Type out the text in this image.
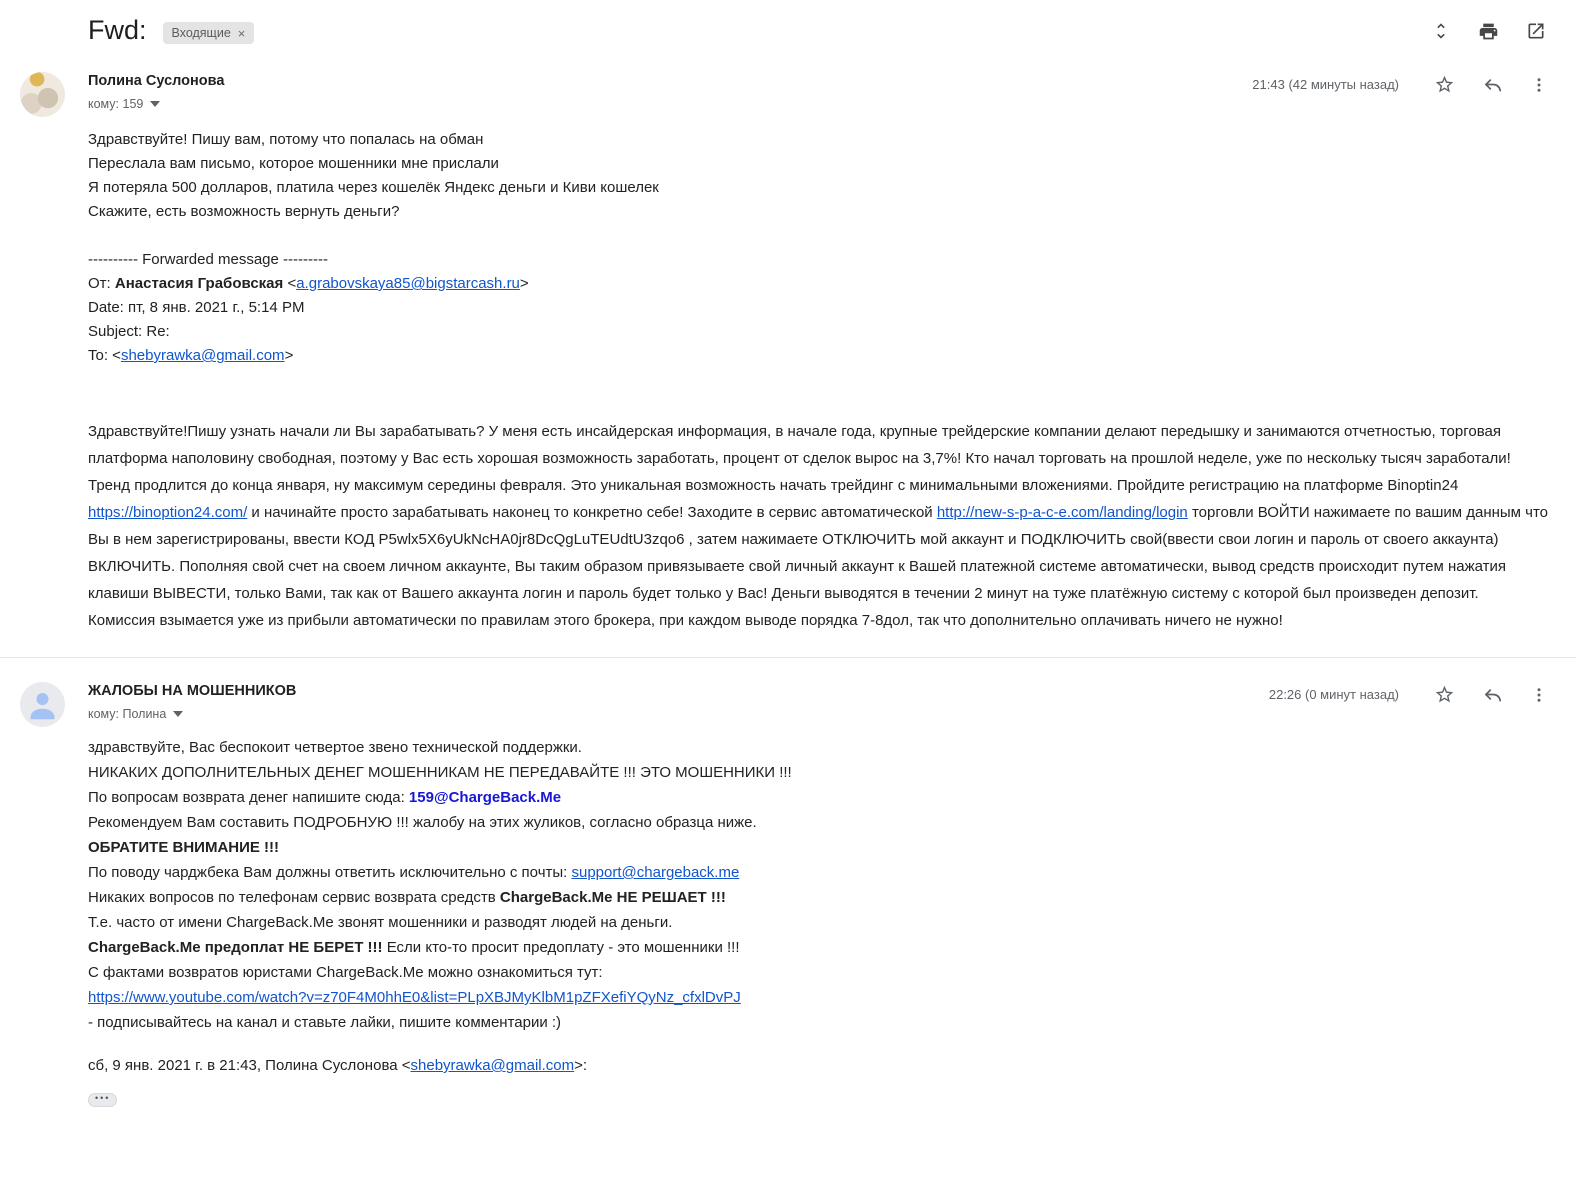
Fwd: Входящие ×
Полина Суслонова
кому: 159
21:43 (42 минуты назад)
Здравствуйте! Пишу вам, потому что попалась на обман
Переслала вам письмо, которое мошенники мне прислали
Я потеряла 500 долларов, платила через кошелёк Яндекс деньги и Киви кошелек
Скажите, есть возможность вернуть деньги?
---------- Forwarded message ---------
От: Анастасия Грабовская <a.grabovskaya85@bigstarcash.ru>
Date: пт, 8 янв. 2021 г., 5:14 PM
Subject: Re:
To: <shebyrawka@gmail.com>
Здравствуйте!Пишу узнать начали ли Вы зарабатывать? У меня есть инсайдерская информация, в начале года, крупные трейдерские компании делают передышку и занимаются отчетностью, торговая платформа наполовину свободная, поэтому у Вас есть хорошая возможность заработать, процент от сделок вырос на 3,7%! Кто начал торговать на прошлой неделе, уже по нескольку тысяч заработали! Тренд продлится до конца января, ну максимум середины февраля. Это уникальная возможность начать трейдинг с минимальными вложениями. Пройдите регистрацию на платформе Binoptin24 https://binoption24.com/ и начинайте просто зарабатывать наконец то конкретно себе! Заходите в сервис автоматической http://new-s-p-a-c-e.com/landing/login торговли ВОЙТИ нажимаете по вашим данным что Вы в нем зарегистрированы, ввести КОД P5wlx5X6yUkNcHA0jr8DcQgLuTEUdtU3zqo6 , затем нажимаете ОТКЛЮЧИТЬ мой аккаунт и ПОДКЛЮЧИТЬ свой(ввести свои логин и пароль от своего аккаунта) ВКЛЮЧИТЬ. Пополняя свой счет на своем личном аккаунте, Вы таким образом привязываете свой личный аккаунт к Вашей платежной системе автоматически, вывод средств происходит путем нажатия клавиши ВЫВЕСТИ, только Вами, так как от Вашего аккаунта логин и пароль будет только у Вас! Деньги выводятся в течении 2 минут на туже платёжную систему с которой был произведен депозит. Комиссия взымается уже из прибыли автоматически по правилам этого брокера, при каждом выводе порядка 7-8дол, так что дополнительно оплачивать ничего не нужно!
ЖАЛОБЫ НА МОШЕННИКОВ
кому: Полина
22:26 (0 минут назад)
здравствуйте, Вас беспокоит четвертое звено технической поддержки.
НИКАКИХ ДОПОЛНИТЕЛЬНЫХ ДЕНЕГ МОШЕННИКАМ НЕ ПЕРЕДАВАЙТЕ !!! ЭТО МОШЕННИКИ !!!
По вопросам возврата денег напишите сюда: 159@ChargeBack.Me
Рекомендуем Вам составить ПОДРОБНУЮ !!! жалобу на этих жуликов, согласно образца ниже.
ОБРАТИТЕ ВНИМАНИЕ !!!
По поводу чарджбека Вам должны ответить исключительно с почты: support@chargeback.me
Никаких вопросов по телефонам сервис возврата средств ChargeBack.Me НЕ РЕШАЕТ !!!
Т.е. часто от имени ChargeBack.Me звонят мошенники и разводят людей на деньги.
ChargeBack.Me предоплат НЕ БЕРЕТ !!! Если кто-то просит предоплату - это мошенники !!!
С фактами возвратов юристами ChargeBack.Me можно ознакомиться тут:
https://www.youtube.com/watch?v=z70F4M0hhE0&list=PLpXBJMyKlbM1pZFXefiYQyNz_cfxlDvPJ
- подписывайтесь на канал и ставьте лайки, пишите комментарии :)
сб, 9 янв. 2021 г. в 21:43, Полина Суслонова <shebyrawka@gmail.com>:
•••
